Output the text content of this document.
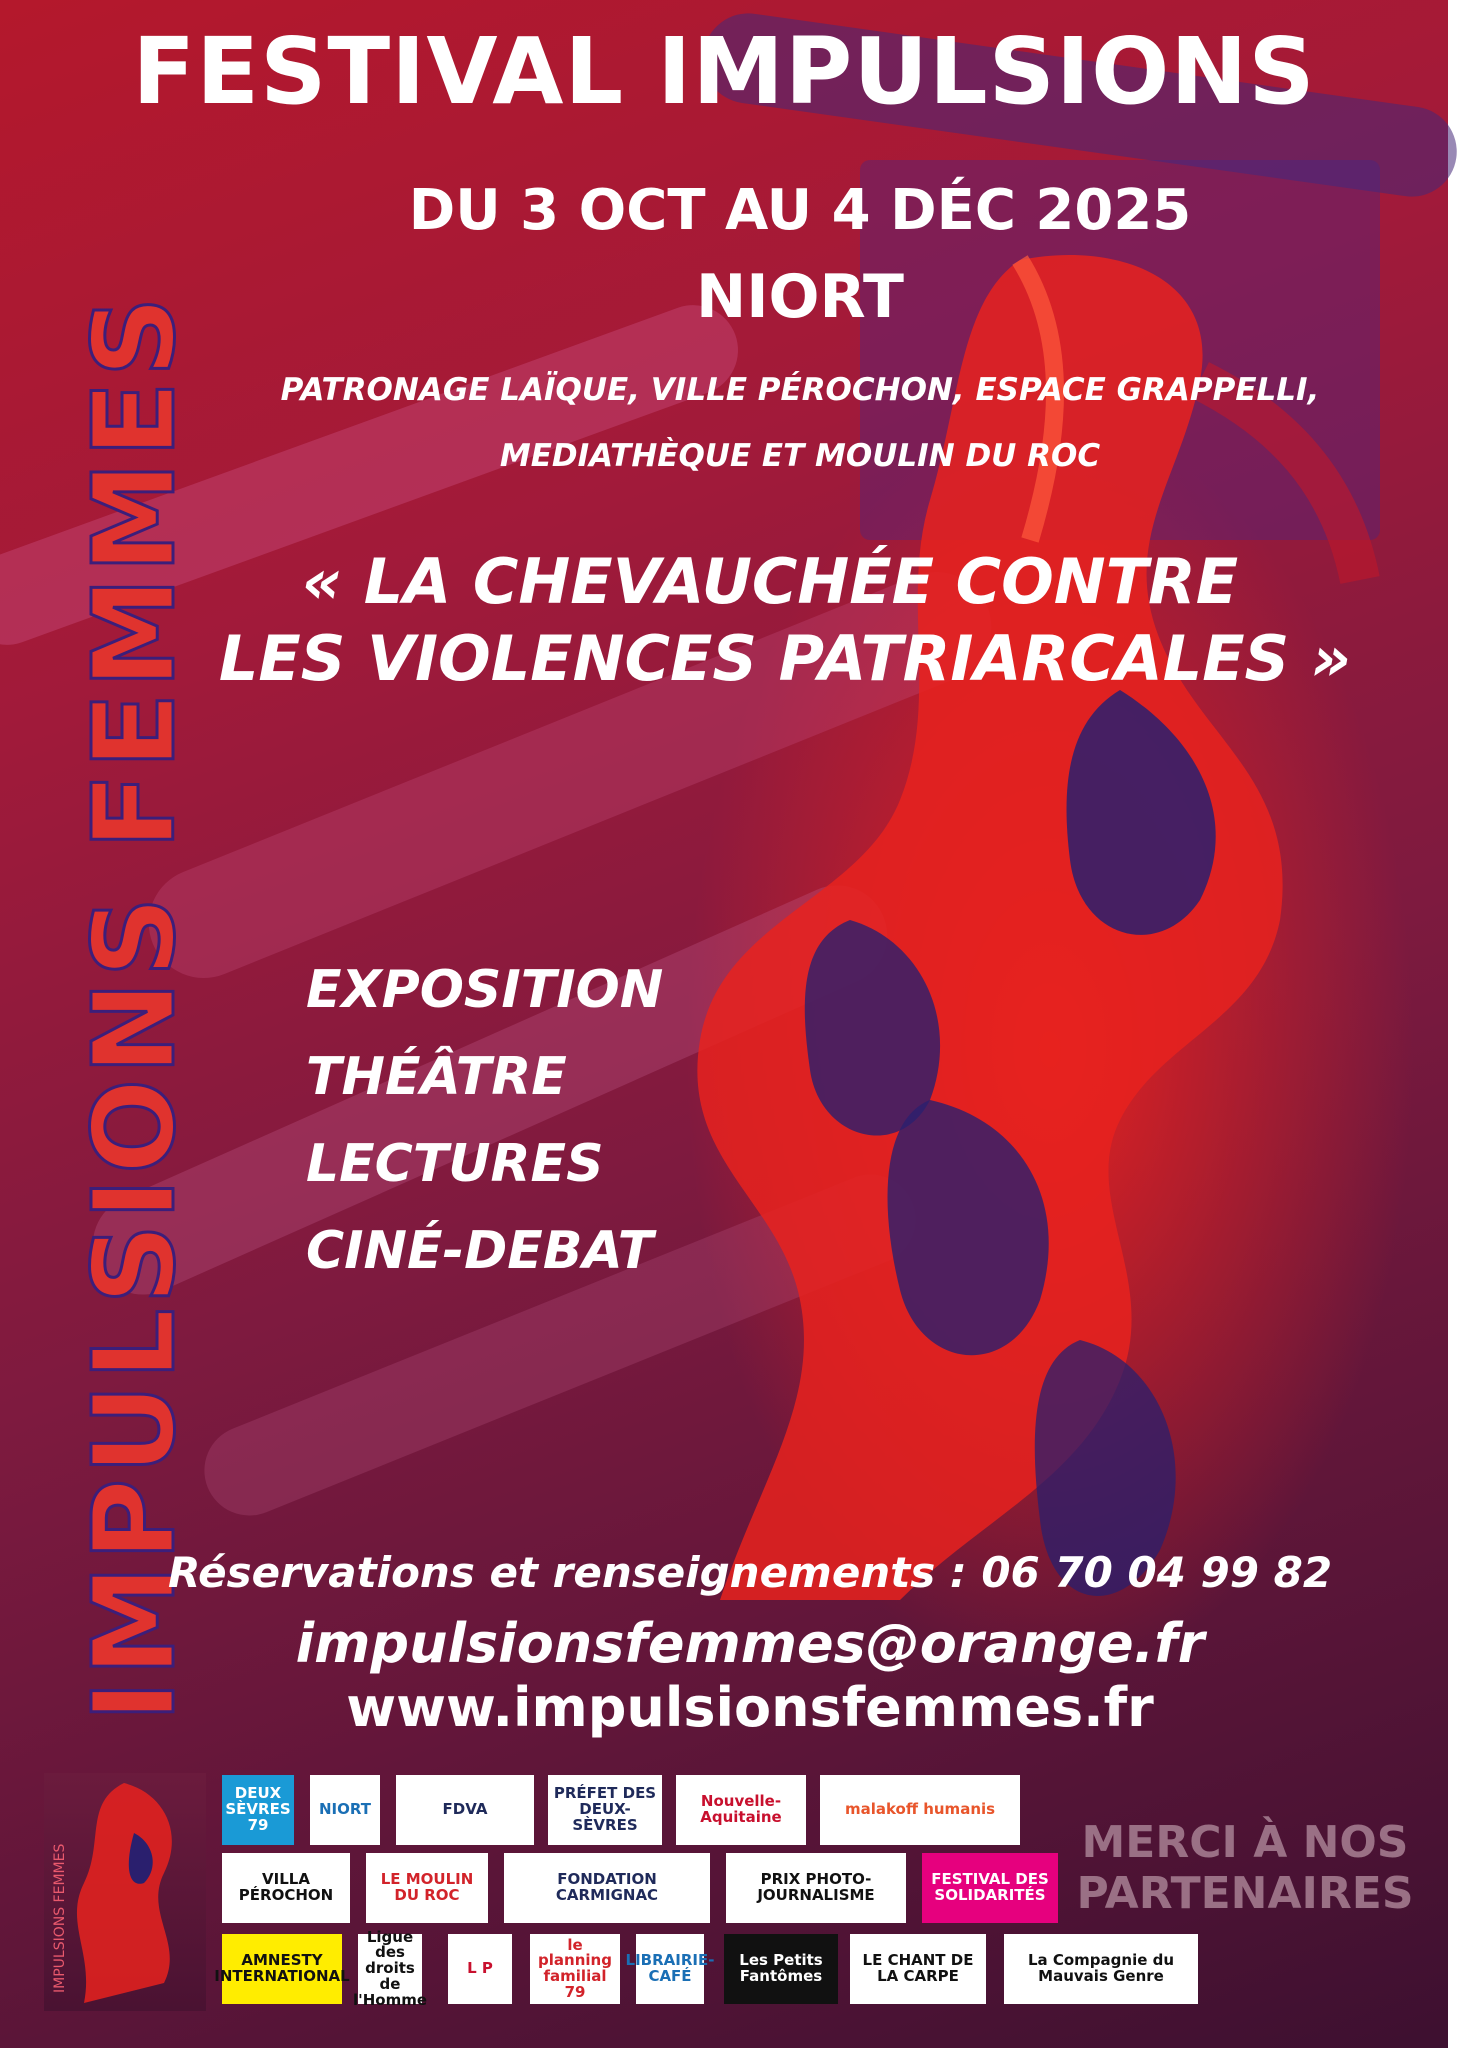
IMPULSIONS FEMMES
FESTIVAL IMPULSIONS

DU 3 OCT AU 4 DÉC 2025

NIORT

PATRONAGE LAÏQUE, VILLE PÉROCHON, ESPACE GRAPPELLI,

MEDIATHÈQUE ET MOULIN DU ROC

« LA CHEVAUCHÉE CONTRE

LES VIOLENCES PATRIARCALES »

EXPOSITION

THÉÂTRE

LECTURES

CINÉ-DEBAT

Réservations et renseignements : 06 70 04 99 82

impulsionsfemmes@orange.fr

www.impulsionsfemmes.fr

IMPULSIONS FEMMES
DEUX SÈVRES 79
NIORT	FDVA
PRÉFET DES DEUX-SÈVRES
Nouvelle-Aquitaine	malakoff humanis
VILLA PÉROCHON
LE MOULIN DU ROC
FONDATION CARMIGNAC
PRIX PHOTO-JOURNALISME
FESTIVAL DES SOLIDARITÉS
AMNESTY INTERNATIONAL
Ligue des droits de l'Homme
L P
le planning familial 79
LIBRAIRIE-CAFÉ
Les Petits Fantômes
LE CHANT DE LA CARPE
La Compagnie du Mauvais Genre

MERCI À NOS
PARTENAIRES
